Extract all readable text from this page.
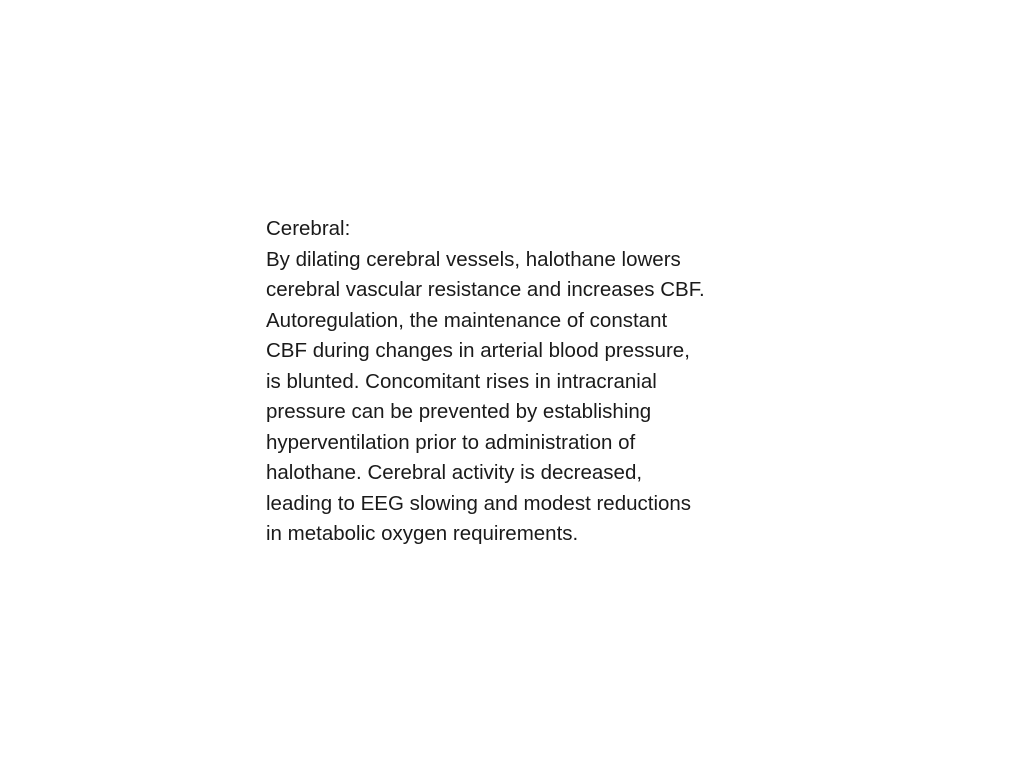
Cerebral:
By dilating cerebral vessels, halothane lowers
cerebral vascular resistance and increases CBF.
Autoregulation, the maintenance of constant
CBF during changes in arterial blood pressure,
is blunted. Concomitant rises in intracranial
pressure can be prevented by establishing
hyperventilation prior to administration of
halothane. Cerebral activity is decreased,
leading to EEG slowing and modest reductions
in metabolic oxygen requirements.
